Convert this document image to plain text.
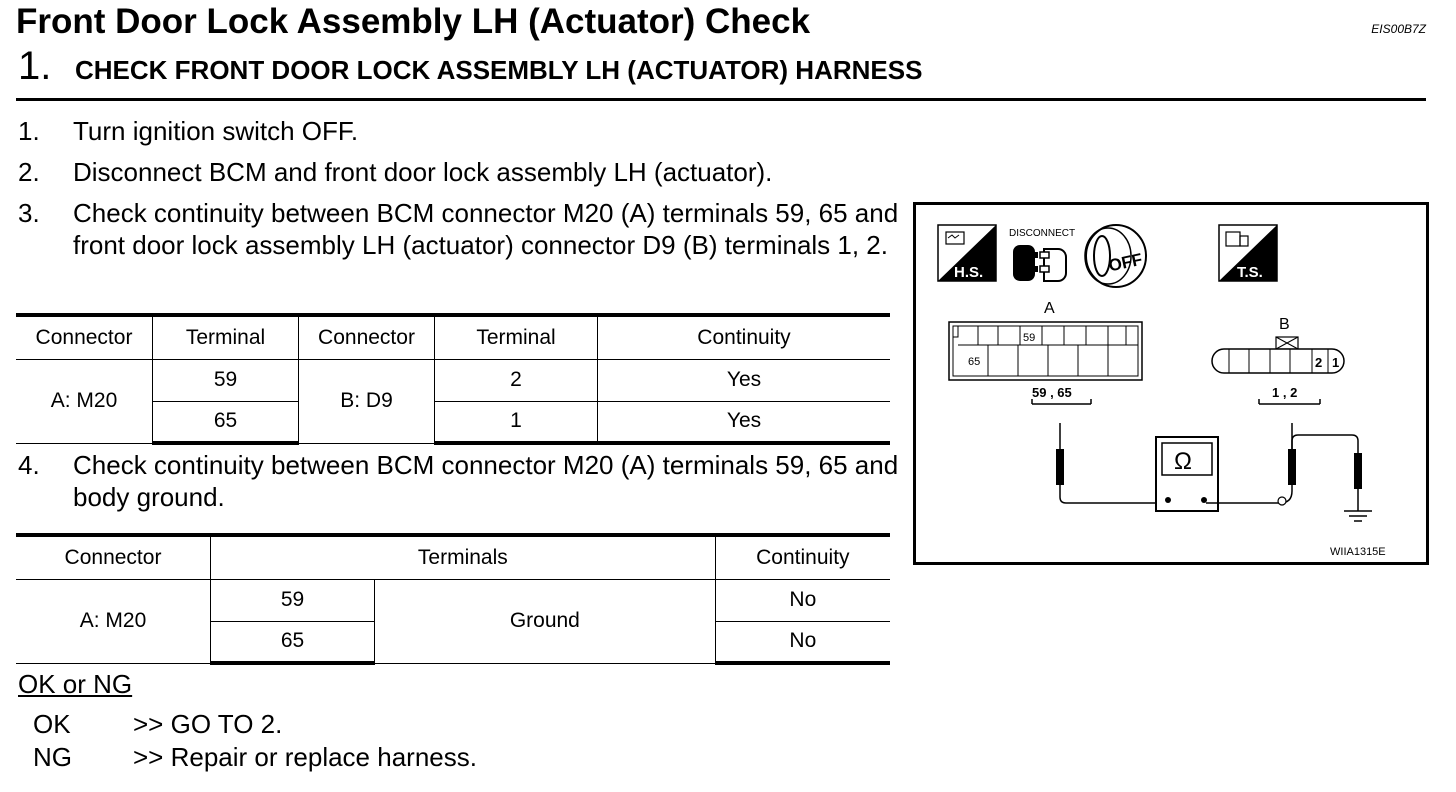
Front Door Lock Assembly LH (Actuator) Check	EIS00B7Z
1. CHECK FRONT DOOR LOCK ASSEMBLY LH (ACTUATOR) HARNESS
1. Turn ignition switch OFF.
2. Disconnect BCM and front door lock assembly LH (actuator).
3. Check continuity between BCM connector M20 (A) terminals 59, 65 and front door lock assembly LH (actuator) connector D9 (B) terminals 1, 2.
Connector	Terminal	Connector	Terminal	Continuity
A: M20	59	B: D9	2	Yes
	65		1	Yes
4. Check continuity between BCM connector M20 (A) terminals 59, 65 and body ground.
Connector	Terminals		Continuity
A: M20	59	Ground	No
	65		No
OK or NG
OK >> GO TO 2.
NG >> Repair or replace harness.
H.S.
DISCONNECT
OFF	T.S.
A
59
65
59 , 65
B
2 1
1 , 2
Ω
WIIA1315E
